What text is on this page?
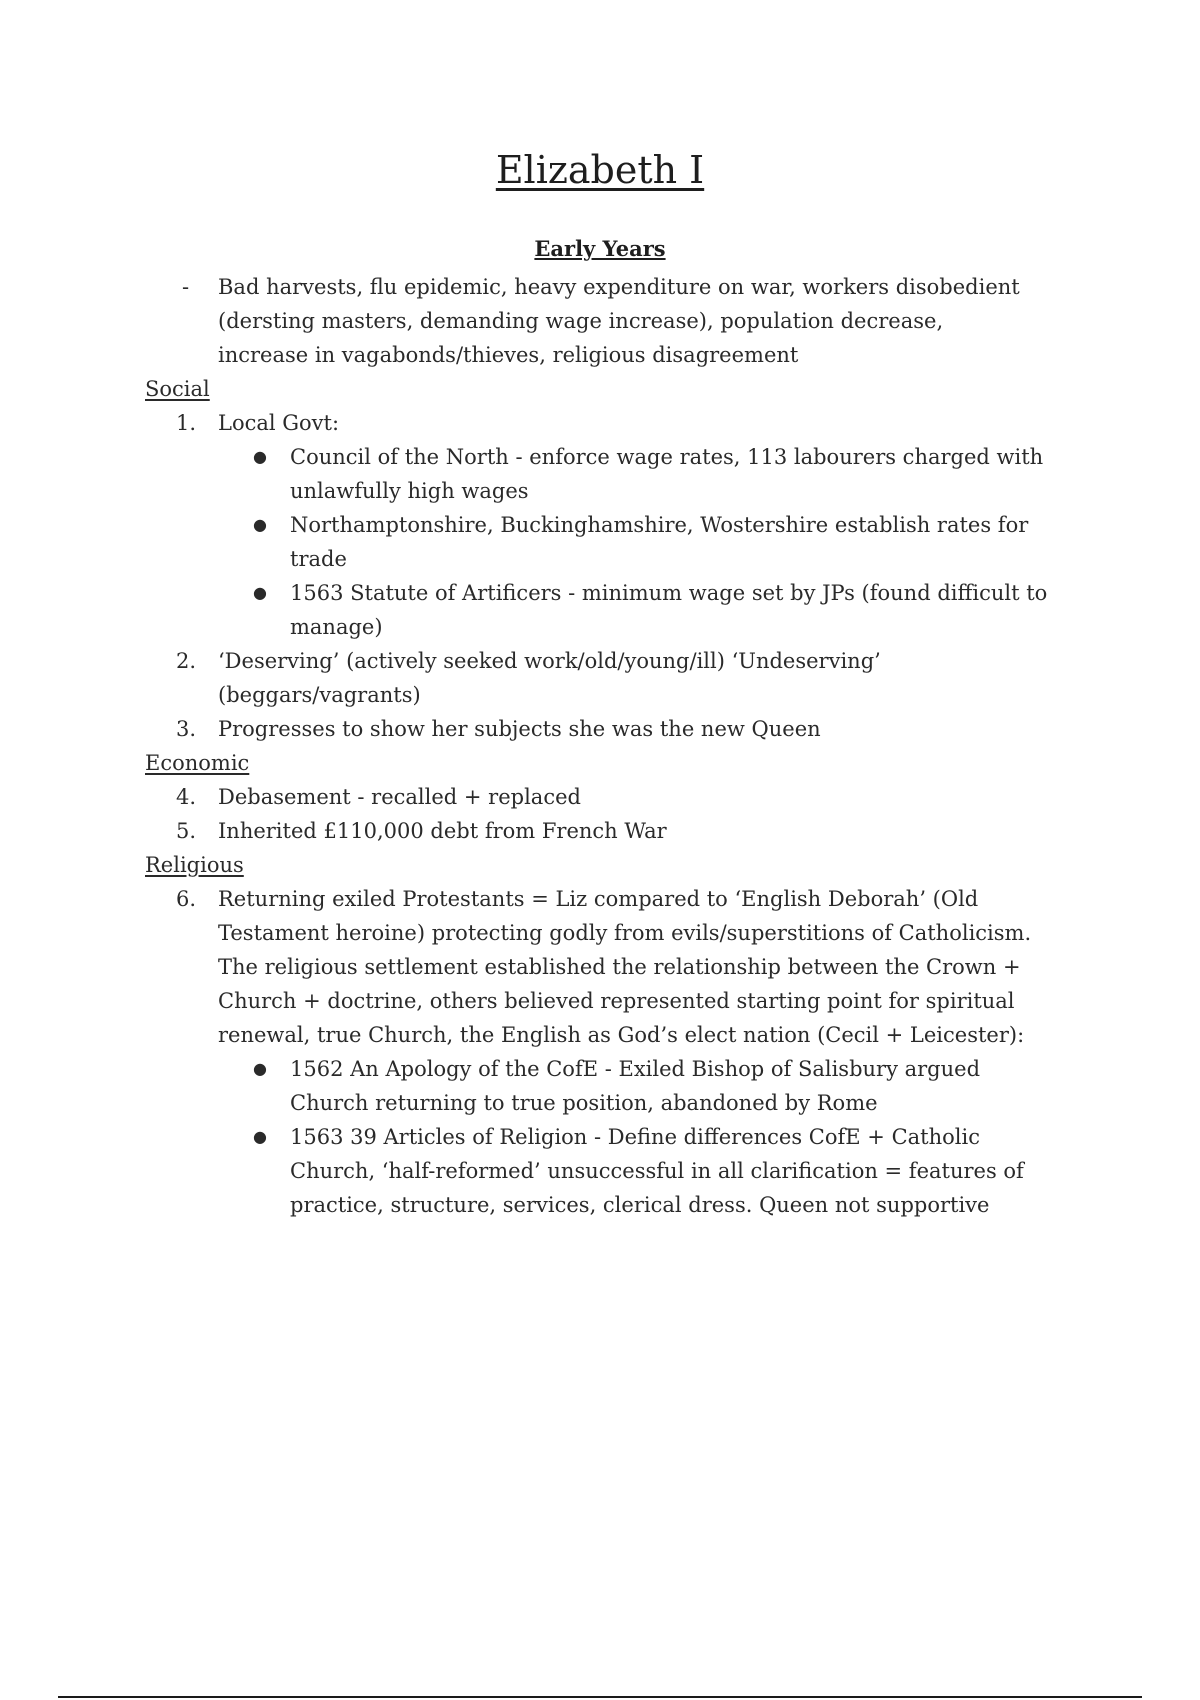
Elizabeth I
Early Years
-	Bad harvests, flu epidemic, heavy expenditure on war, workers disobedient (dersting masters, demanding wage increase), population decrease, increase in vagabonds/thieves, religious disagreement
Social
1. Local Govt:
● Council of the North - enforce wage rates, 113 labourers charged with unlawfully high wages
● Northamptonshire, Buckinghamshire, Wostershire establish rates for trade
● 1563 Statute of Artificers - minimum wage set by JPs (found difficult to manage)
2. ‘Deserving’ (actively seeked work/old/young/ill) ‘Undeserving’ (beggars/vagrants)
3. Progresses to show her subjects she was the new Queen
Economic
4. Debasement - recalled + replaced
5. Inherited £110,000 debt from French War
Religious
6. Returning exiled Protestants = Liz compared to ‘English Deborah’ (Old Testament heroine) protecting godly from evils/superstitions of Catholicism. The religious settlement established the relationship between the Crown + Church + doctrine, others believed represented starting point for spiritual renewal, true Church, the English as God’s elect nation (Cecil + Leicester):
● 1562 An Apology of the CofE - Exiled Bishop of Salisbury argued Church returning to true position, abandoned by Rome
● 1563 39 Articles of Religion - Define differences CofE + Catholic Church, ‘half-reformed’ unsuccessful in all clarification = features of practice, structure, services, clerical dress. Queen not supportive
